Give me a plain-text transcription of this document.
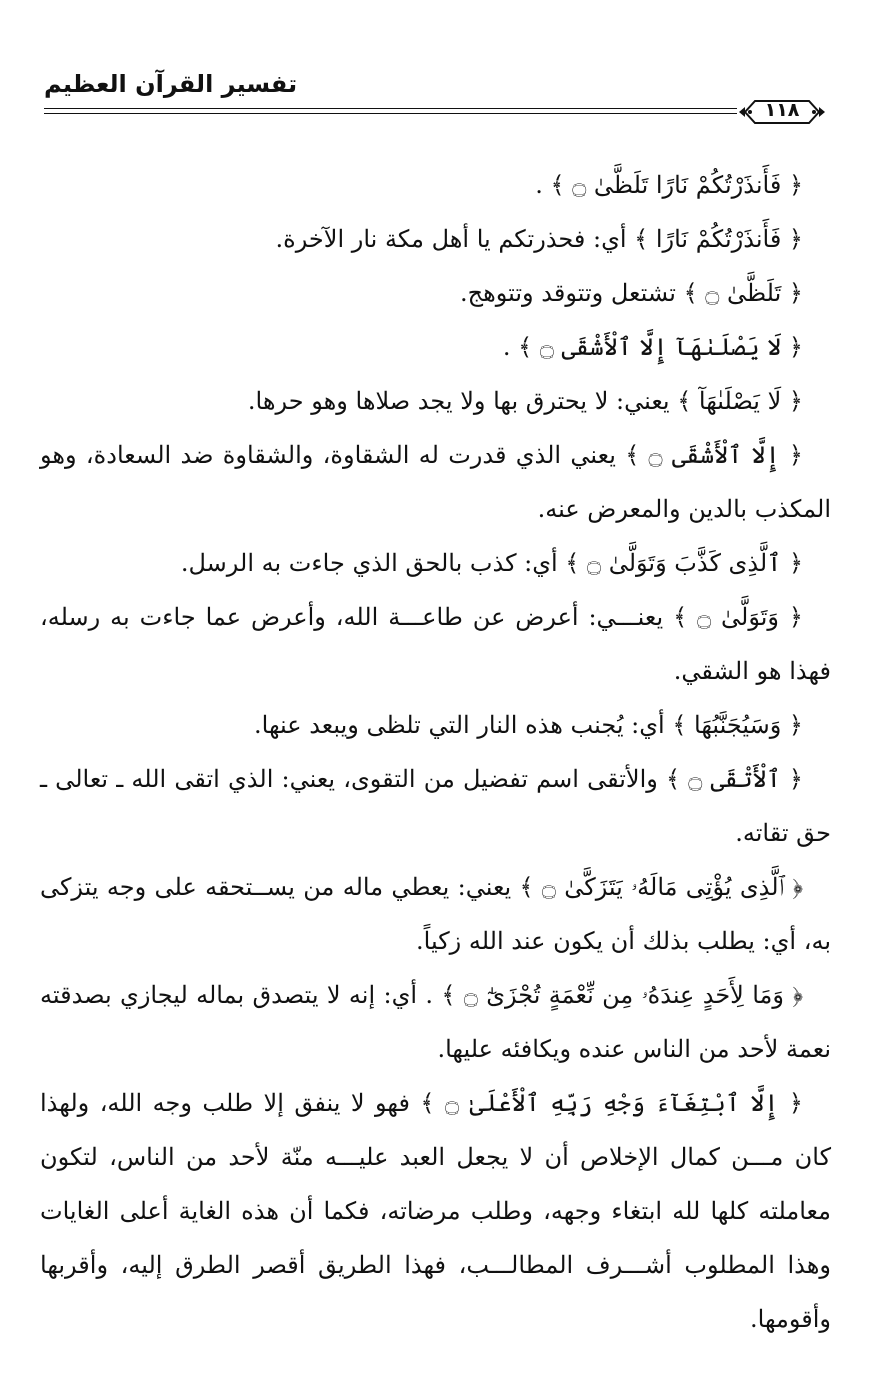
تفسير القرآن العظيم
١١٨

﴿ فَأَنذَرْتُكُمْ نَارًا تَلَظَّىٰ ۝ ﴾ .

﴿ فَأَنذَرْتُكُمْ نَارًا ﴾ أي: فحذرتكم يا أهل مكة نار الآخرة.

﴿ تَلَظَّىٰ ۝ ﴾ تشتعل وتتوقد وتتوهج.

﴿ لَا يَصْلَىٰهَآ إِلَّا ٱلْأَشْقَى ۝ ﴾ .

﴿ لَا يَصْلَىٰهَآ ﴾ يعني: لا يحترق بها ولا يجد صلاها وهو حرها.

﴿ إِلَّا ٱلْأَشْقَى ۝ ﴾ يعني الذي قدرت له الشقاوة، والشقاوة ضد السعادة، وهو المكذب بالدين والمعرض عنه.

﴿ ٱلَّذِى كَذَّبَ وَتَوَلَّىٰ ۝ ﴾ أي: كذب بالحق الذي جاءت به الرسل.

﴿ وَتَوَلَّىٰ ۝ ﴾ يعنـــي: أعرض عن طاعـــة الله، وأعرض عما جاءت به رسله، فهذا هو الشقي.

﴿ وَسَيُجَنَّبُهَا ﴾ أي: يُجنب هذه النار التي تلظى ويبعد عنها.

﴿ ٱلْأَتْقَى ۝ ﴾ والأتقى اسم تفضيل من التقوى، يعني: الذي اتقى الله ـ تعالى ـ حق تقاته.

﴿ ٱلَّذِى يُؤْتِى مَالَهُۥ يَتَزَكَّىٰ ۝ ﴾ يعني: يعطي ماله من يســتحقه على وجه يتزكى به، أي: يطلب بذلك أن يكون عند الله زكياً.

﴿ وَمَا لِأَحَدٍ عِندَهُۥ مِن نِّعْمَةٍ تُجْزَىٰٓ ۝ ﴾ . أي: إنه لا يتصدق بماله ليجازي بصدقته نعمة لأحد من الناس عنده ويكافئه عليها.

﴿ إِلَّا ٱبْتِغَآءَ وَجْهِ رَبِّهِ ٱلْأَعْلَىٰ ۝ ﴾ فهو لا ينفق إلا طلب وجه الله، ولهذا كان مـــن كمال الإخلاص أن لا يجعل العبد عليـــه منّة لأحد من الناس، لتكون معاملته كلها لله ابتغاء وجهه، وطلب مرضاته، فكما أن هذه الغاية أعلى الغايات وهذا المطلوب أشـــرف المطالـــب، فهذا الطريق أقصر الطرق إليه، وأقربها وأقومها.
